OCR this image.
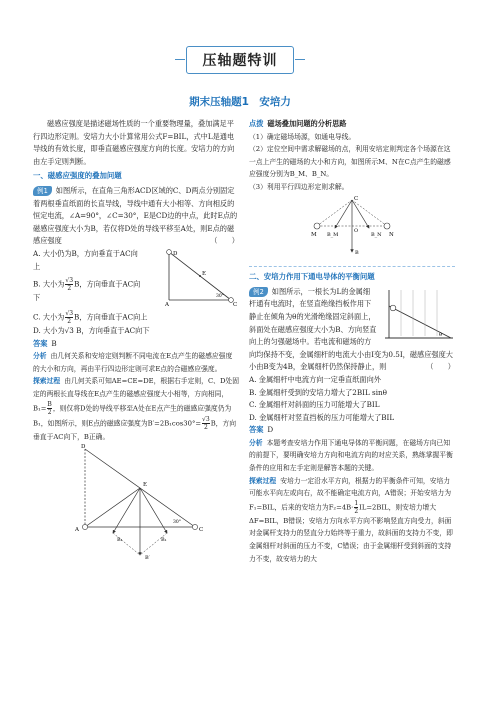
压轴题特训
期末压轴题1　安培力

磁感应强度是描述磁场性质的一个重要物理量，叠加满足平行四边形定则。安培力大小计算常用公式F=BIL，式中L是通电导线的有效长度，即垂直磁感应强度方向的长度。安培力的方向由左手定则判断。

一、磁感应强度的叠加问题

例1 如图所示，在直角三角形ACD区域的C、D两点分别固定着两根垂直纸面的长直导线，导线中通有大小相等、方向相反的恒定电流，∠A=90°，∠C=30°，E是CD边的中点，此时E点的磁感应强度大小为B，若仅将D处的导线平移至A处，则E点的磁感应强度	（　　）

A. 大小仍为B，方向垂直于AC向上

B. 大小为 $\frac{√3}{2}$ B，方向垂直于AC向下

D
E
A	C
30°

C. 大小为 $\frac{√3}{2}$ B，方向垂直于AC向上

D. 大小为√3 B，方向垂直于AC向下

答案 B

分析 由几何关系和安培定则判断不同电流在E点产生的磁感应强度的大小和方向，再由平行四边形定则可求E点的合磁感应强度。

探索过程 由几何关系可知AE=CE=DE，根据右手定则，C、D处固定的两根长直导线在E点产生的磁感应强度大小相等，方向相同，$B_1= \frac{B}{2}$ ，则仅将D处的导线平移至A处在E点产生的磁感应强度仍为B₁，如图所示，则E点的磁感应强度为$B'=2B_1\cos 30^\circ= \frac{√3}{2}$ B，方向垂直于AC向下，B正确。

D
E
A	C
B₁	B₁
B′
30°

点拨 磁场叠加问题的分析思路

（1）确定磁场场源，如通电导线。

（2）定位空间中需求解磁场的点，利用安培定则判定各个场源在这一点上产生的磁场的大小和方向，如图所示M、N在C点产生的磁感应强度分别为B_M、B_N。

（3）利用平行四边形定则求解。

C
M	N
O
B_M	B_N
B

二、安培力作用下通电导体的平衡问题

θ

例2 如图所示，一根长为L的金属细杆通有电流时，在竖直绝缘挡板作用下静止在倾角为θ的光滑绝缘固定斜面上，斜面处在磁感应强度大小为B、方向竖直向上的匀强磁场中。若电流和磁场的方向均保持不变，金属细杆的电流大小由I变为0.5I，磁感应强度大小由B变为4B，金属细杆仍然保持静止，则	（　　）

A. 金属细杆中电流方向一定垂直纸面向外

B. 金属细杆受到的安培力增大了2BIL sinθ

C. 金属细杆对斜面的压力可能增大了BIL

D. 金属细杆对竖直挡板的压力可能增大了BIL

答案 D

分析 本题考查安培力作用下通电导体的平衡问题，在磁场方向已知的前提下，要明确安培力方向和电流方向的对应关系，熟练掌握平衡条件的应用和左手定则是解答本题的关键。

探索过程 安培力一定沿水平方向，根据力的平衡条件可知，安培力可能水平向左或向右，故不能确定电流方向，A错误；开始安培力为F₁=BIL，后来的安培力为$F_2=4B\cdot \frac{1}{2} IL=2BIL$，则安培力增大ΔF=BIL，B错误；安培力方向水平方向不影响竖直方向受力，斜面对金属杆支持力的竖直分力始终等于重力，故斜面的支持力不变，即金属细杆对斜面的压力不变，C错误；由于金属细杆受到斜面的支持力不变，故安培力的大
